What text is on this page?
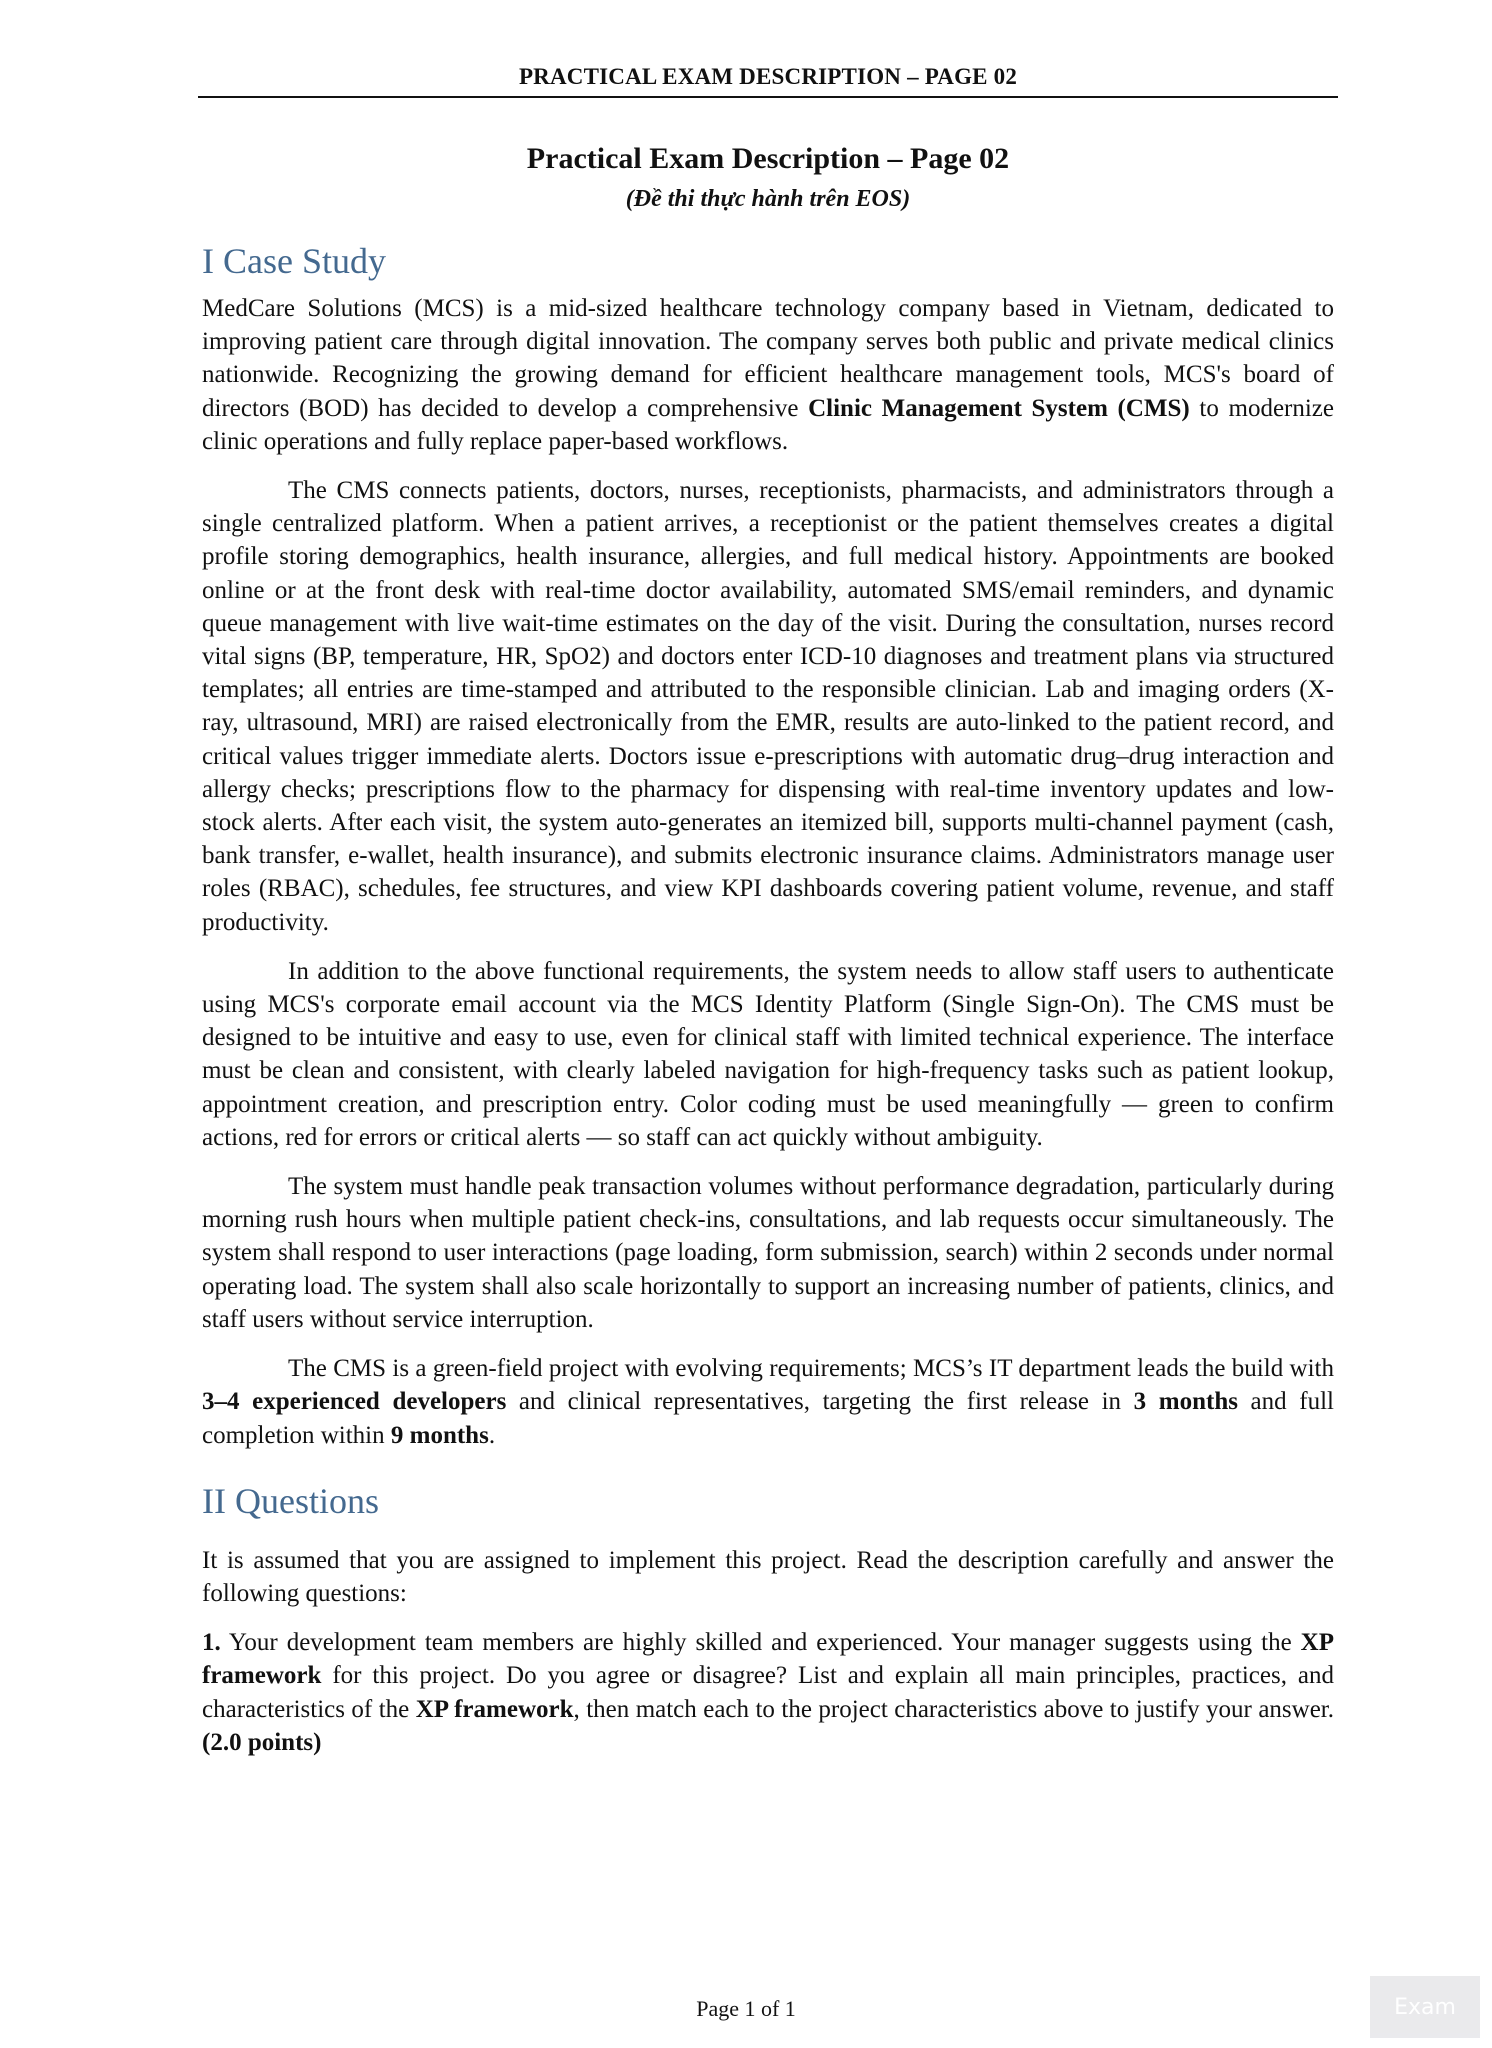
PRACTICAL EXAM DESCRIPTION – PAGE 02
Practical Exam Description – Page 02
(Đề thi thực hành trên EOS)
I Case Study

MedCare Solutions (MCS) is a mid-sized healthcare technology company based in Vietnam, dedicated to improving patient care through digital innovation. The company serves both public and private medical clinics nationwide. Recognizing the growing demand for efficient healthcare management tools, MCS's board of directors (BOD) has decided to develop a comprehensive Clinic Management System (CMS) to modernize clinic operations and fully replace paper-based workflows.

The CMS connects patients, doctors, nurses, receptionists, pharmacists, and administrators through a single centralized platform. When a patient arrives, a receptionist or the patient themselves creates a digital profile storing demographics, health insurance, allergies, and full medical history. Appointments are booked online or at the front desk with real-time doctor availability, automated SMS/email reminders, and dynamic queue management with live wait-time estimates on the day of the visit. During the consultation, nurses record vital signs (BP, temperature, HR, SpO2) and doctors enter ICD-10 diagnoses and treatment plans via structured templates; all entries are time-stamped and attributed to the responsible clinician. Lab and imaging orders (X-ray, ultrasound, MRI) are raised electronically from the EMR, results are auto-linked to the patient record, and critical values trigger immediate alerts. Doctors issue e-prescriptions with automatic drug–drug interaction and allergy checks; prescriptions flow to the pharmacy for dispensing with real-time inventory updates and low-stock alerts. After each visit, the system auto-generates an itemized bill, supports multi-channel payment (cash, bank transfer, e-wallet, health insurance), and submits electronic insurance claims. Administrators manage user roles (RBAC), schedules, fee structures, and view KPI dashboards covering patient volume, revenue, and staff productivity.

In addition to the above functional requirements, the system needs to allow staff users to authenticate using MCS's corporate email account via the MCS Identity Platform (Single Sign-On). The CMS must be designed to be intuitive and easy to use, even for clinical staff with limited technical experience. The interface must be clean and consistent, with clearly labeled navigation for high-frequency tasks such as patient lookup, appointment creation, and prescription entry. Color coding must be used meaningfully — green to confirm actions, red for errors or critical alerts — so staff can act quickly without ambiguity.

The system must handle peak transaction volumes without performance degradation, particularly during morning rush hours when multiple patient check-ins, consultations, and lab requests occur simultaneously. The system shall respond to user interactions (page loading, form submission, search) within 2 seconds under normal operating load. The system shall also scale horizontally to support an increasing number of patients, clinics, and staff users without service interruption.

The CMS is a green-field project with evolving requirements; MCS’s IT department leads the build with 3–4 experienced developers and clinical representatives, targeting the first release in 3 months and full completion within 9 months.

II Questions

It is assumed that you are assigned to implement this project. Read the description carefully and answer the following questions:

1. Your development team members are highly skilled and experienced. Your manager suggests using the XP framework for this project. Do you agree or disagree? List and explain all main principles, practices, and characteristics of the XP framework, then match each to the project characteristics above to justify your answer. (2.0 points)

Page 1 of 1	Exam
